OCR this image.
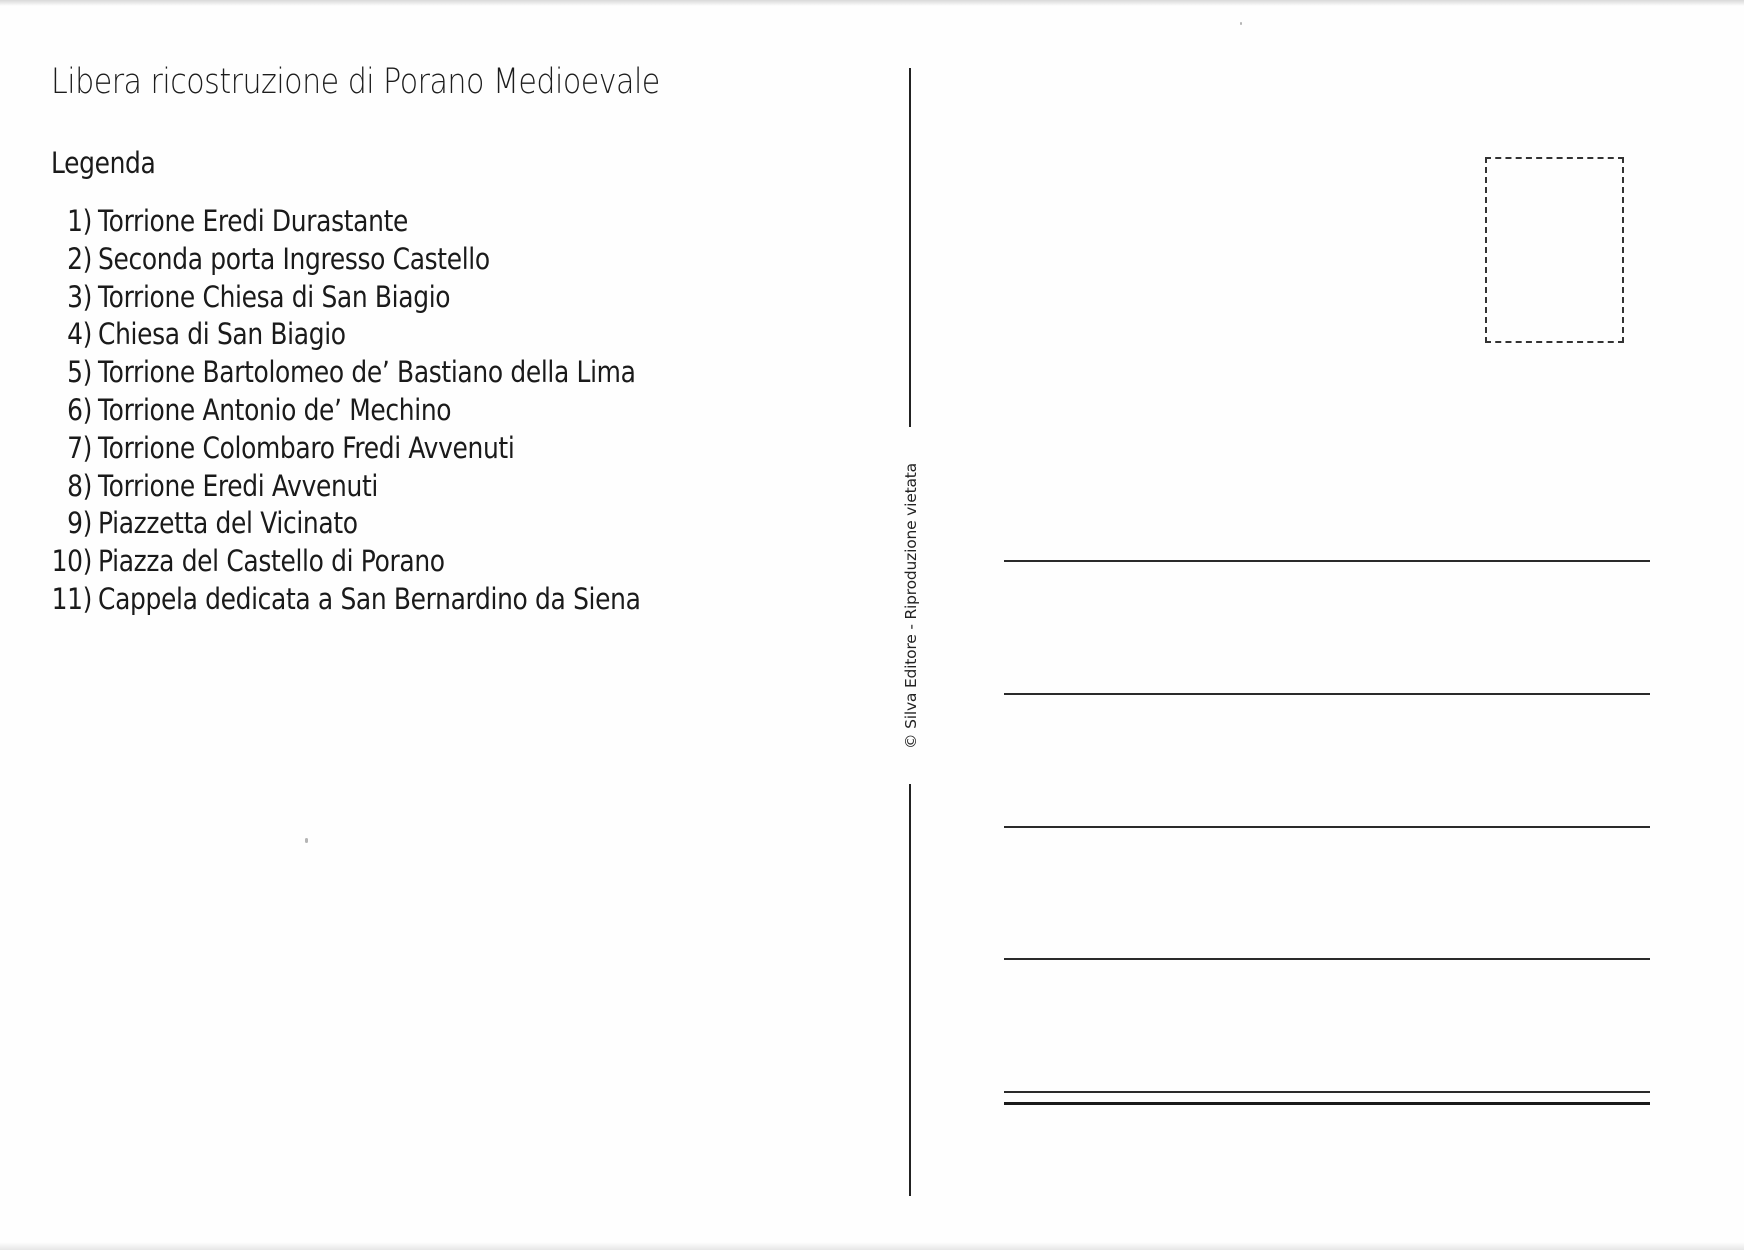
Libera ricostruzione di Porano Medioevale
Legenda
1) Torrione Eredi Durastante
2) Seconda porta Ingresso Castello
3) Torrione Chiesa di San Biagio
4) Chiesa di San Biagio
5) Torrione Bartolomeo de’ Bastiano della Lima
6) Torrione Antonio de’ Mechino
7) Torrione Colombaro Fredi Avvenuti
8) Torrione Eredi Avvenuti
9) Piazzetta del Vicinato
10) Piazza del Castello di Porano
11) Cappela dedicata a San Bernardino da Siena	© Silva Editore - Riproduzione vietata
